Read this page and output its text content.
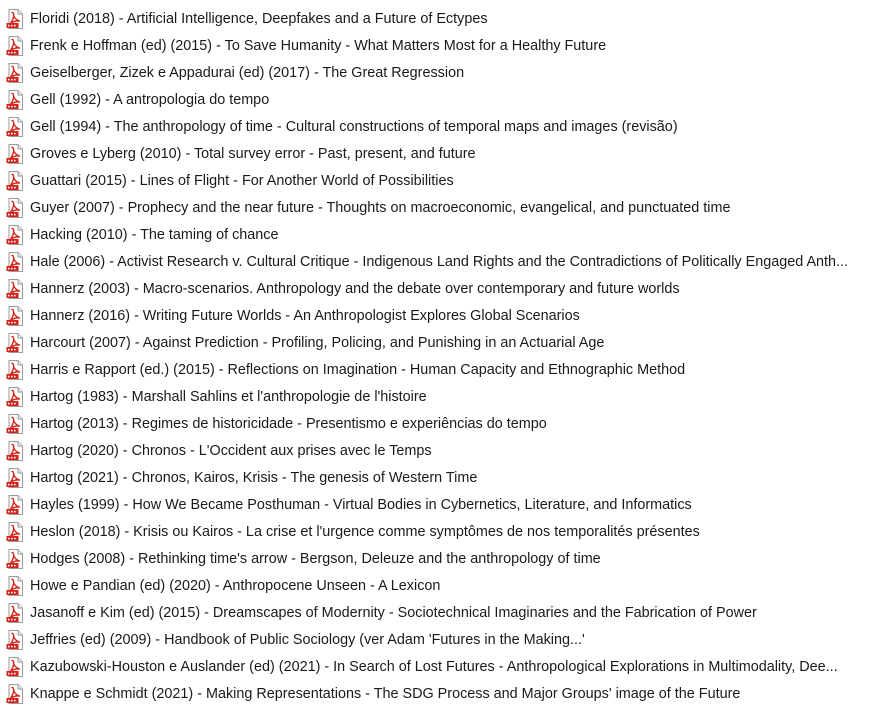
Floridi (2018) - Artificial Intelligence, Deepfakes and a Future of Ectypes
Frenk e Hoffman (ed) (2015) - To Save Humanity - What Matters Most for a Healthy Future
Geiselberger, Zizek e Appadurai (ed) (2017) - The Great Regression
Gell (1992) - A antropologia do tempo
Gell (1994) - The anthropology of time - Cultural constructions of temporal maps and images (revisão)
Groves e Lyberg (2010) - Total survey error - Past, present, and future
Guattari (2015) - Lines of Flight - For Another World of Possibilities
Guyer (2007) - Prophecy and the near future - Thoughts on macroeconomic, evangelical, and punctuated time
Hacking (2010) - The taming of chance
Hale (2006) - Activist Research v. Cultural Critique - Indigenous Land Rights and the Contradictions of Politically Engaged Anth...
Hannerz (2003) - Macro-scenarios. Anthropology and the debate over contemporary and future worlds
Hannerz (2016) - Writing Future Worlds - An Anthropologist Explores Global Scenarios
Harcourt (2007) - Against Prediction - Profiling, Policing, and Punishing in an Actuarial Age
Harris e Rapport (ed.) (2015) - Reflections on Imagination - Human Capacity and Ethnographic Method
Hartog (1983) - Marshall Sahlins et l'anthropologie de l'histoire
Hartog (2013) - Regimes de historicidade - Presentismo e experiências do tempo
Hartog (2020) - Chronos - L'Occident aux prises avec le Temps
Hartog (2021) - Chronos, Kairos, Krisis - The genesis of Western Time
Hayles (1999) - How We Became Posthuman - Virtual Bodies in Cybernetics, Literature, and Informatics
Heslon (2018) - Krisis ou Kairos - La crise et l'urgence comme symptômes de nos temporalités présentes
Hodges (2008) - Rethinking time's arrow - Bergson, Deleuze and the anthropology of time
Howe e Pandian (ed) (2020) - Anthropocene Unseen - A Lexicon
Jasanoff e Kim (ed) (2015) - Dreamscapes of Modernity - Sociotechnical Imaginaries and the Fabrication of Power
Jeffries (ed) (2009) - Handbook of Public Sociology (ver Adam 'Futures in the Making...'
Kazubowski-Houston e Auslander (ed) (2021) - In Search of Lost Futures - Anthropological Explorations in Multimodality, Dee...
Knappe e Schmidt (2021) - Making Representations - The SDG Process and Major Groups' image of the Future
